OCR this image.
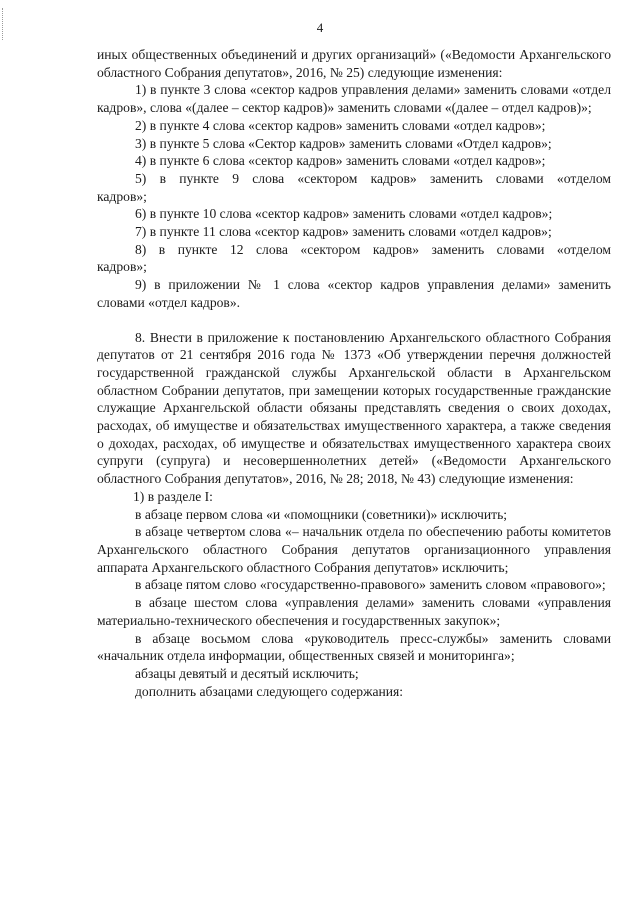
4

иных общественных объединений и других организаций» («Ведомости Архангельского областного Собрания депутатов», 2016, № 25) следующие изменения:

1) в пункте 3 слова «сектор кадров управления делами» заменить словами «отдел кадров», слова «(далее – сектор кадров)» заменить словами «(далее – отдел кадров)»;

2) в пункте 4 слова «сектор кадров» заменить словами «отдел кадров»;

3) в пункте 5 слова «Сектор кадров» заменить словами «Отдел кадров»;

4) в пункте 6 слова «сектор кадров» заменить словами «отдел кадров»;

5) в пункте 9 слова «сектором кадров» заменить словами «отделом кадров»;

6) в пункте 10 слова «сектор кадров» заменить словами «отдел кадров»;

7) в пункте 11 слова «сектор кадров» заменить словами «отдел кадров»;

8) в пункте 12 слова «сектором кадров» заменить словами «отделом кадров»;

9) в приложении № 1 слова «сектор кадров управления делами» заменить словами «отдел кадров».

8. Внести в приложение к постановлению Архангельского областного Собрания депутатов от 21 сентября 2016 года № 1373 «Об утверждении перечня должностей государственной гражданской службы Архангельской области в Архангельском областном Собрании депутатов, при замещении которых государственные гражданские служащие Архангельской области обязаны представлять сведения о своих доходах, расходах, об имуществе и обязательствах имущественного характера, а также сведения о доходах, расходах, об имуществе и обязательствах имущественного характера своих супруги (супруга) и несовершеннолетних детей» («Ведомости Архангельского областного Собрания депутатов», 2016, № 28; 2018, № 43) следующие изменения:

1) в разделе I:

в абзаце первом слова «и «помощники (советники)» исключить;

в абзаце четвертом слова «– начальник отдела по обеспечению работы комитетов Архангельского областного Собрания депутатов организационного управления аппарата Архангельского областного Собрания депутатов» исключить;

в абзаце пятом слово «государственно-правового» заменить словом «правового»;

в абзаце шестом слова «управления делами» заменить словами «управления материально-технического обеспечения и государственных закупок»;

в абзаце восьмом слова «руководитель пресс-службы» заменить словами «начальник отдела информации, общественных связей и мониторинга»;

абзацы девятый и десятый исключить;

дополнить абзацами следующего содержания:
